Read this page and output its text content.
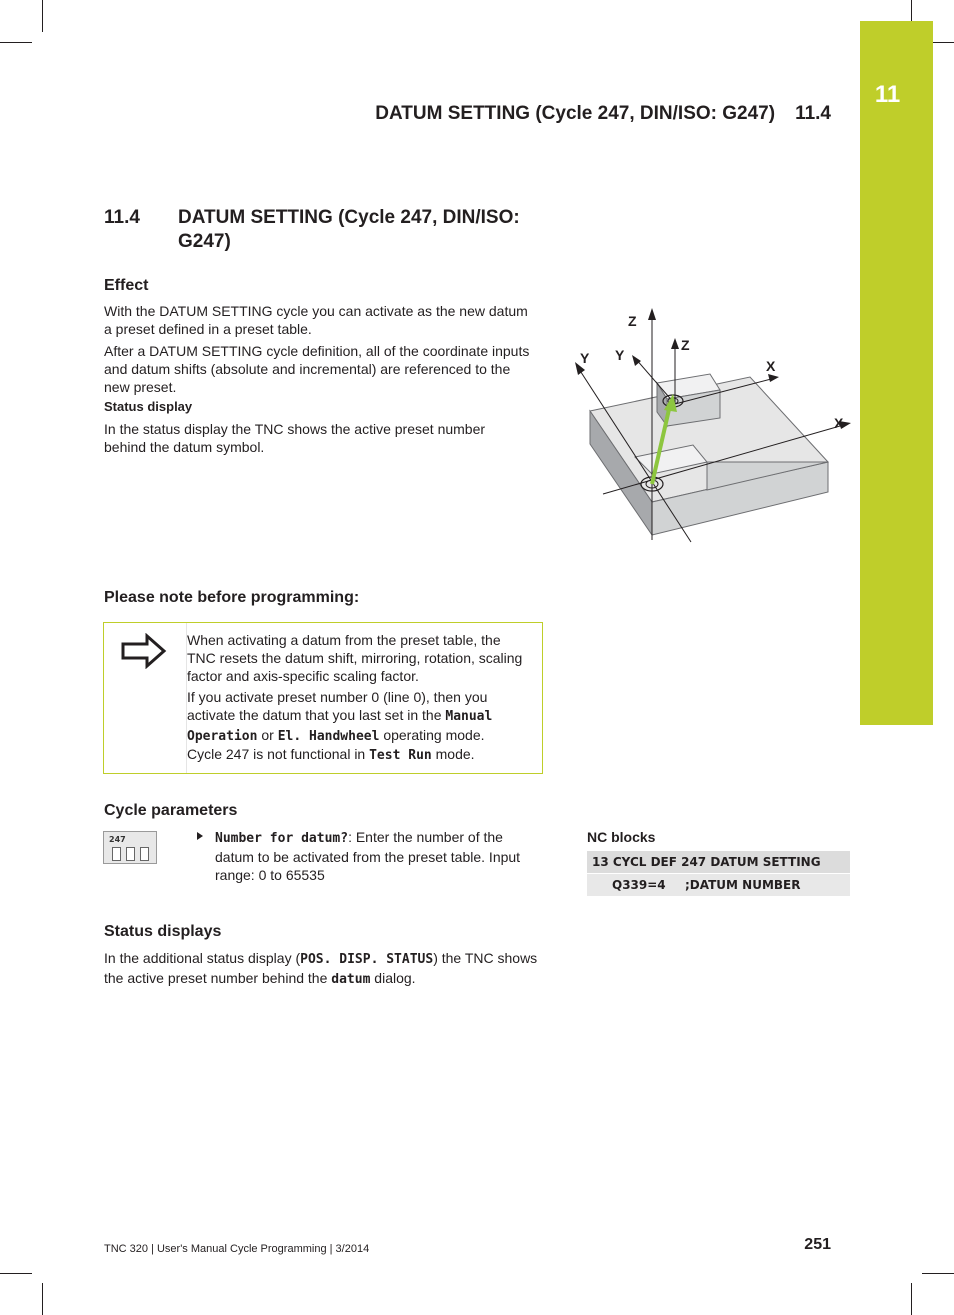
11
DATUM SETTING (Cycle 247, DIN/ISO: G247) 11.4
11.4 DATUM SETTING (Cycle 247, DIN/ISO: G247)
Effect

With the DATUM SETTING cycle you can activate as the new datum a preset defined in a preset table.

After a DATUM SETTING cycle definition, all of the coordinate inputs and datum shifts (absolute and incremental) are referenced to the new preset.

Status display

In the status display the TNC shows the active preset number behind the datum symbol.

Z
Y Y
Z
X
X
Please note before programming:

When activating a datum from the preset table, the TNC resets the datum shift, mirroring, rotation, scaling factor and axis-specific scaling factor.

If you activate preset number 0 (line 0), then you activate the datum that you last set in the Manual Operation or El. Handwheel operating mode.

Cycle 247 is not functional in Test Run mode.

Cycle parameters
247	Number for datum?: Enter the number of the datum to be activated from the preset table. Input range: 0 to 65535

NC blocks
13 CYCL DEF 247 DATUM SETTING
Q339=4 ;DATUM NUMBER
Status displays

In the additional status display (POS. DISP. STATUS) the TNC shows the active preset number behind the datum dialog.

TNC 320 | User's Manual Cycle Programming | 3/2014	251
